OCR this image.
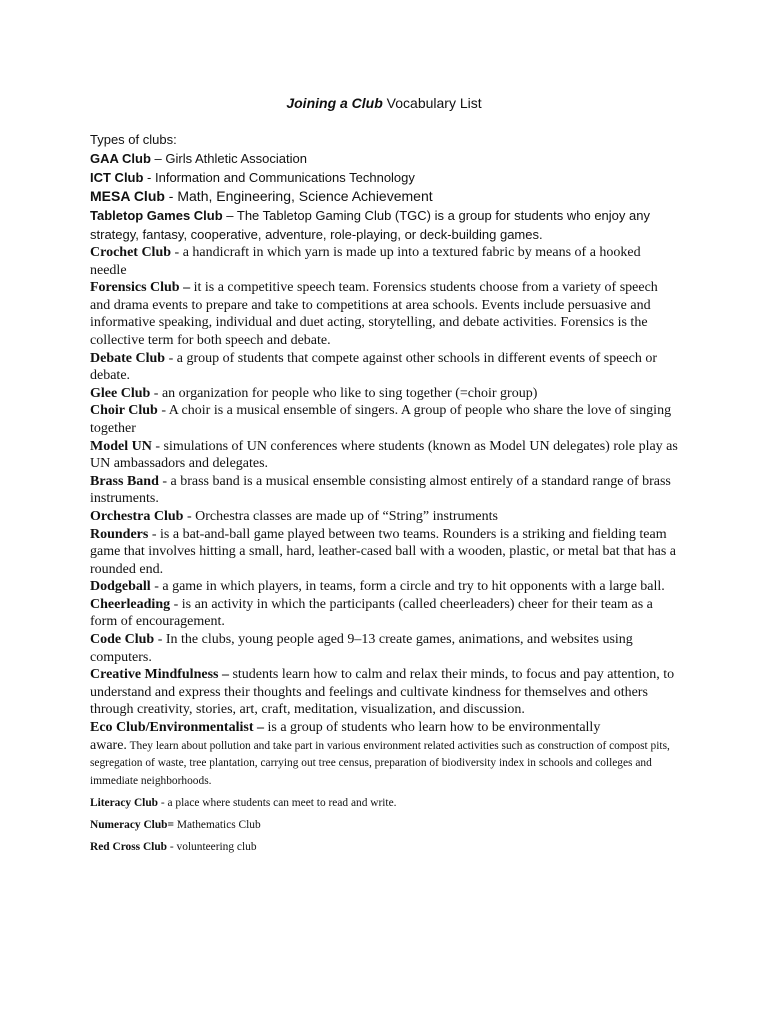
Joining a Club Vocabulary List

Types of clubs:

GAA Club – Girls Athletic Association

ICT Club - Information and Communications Technology

MESA Club - Math, Engineering, Science Achievement

Tabletop Games Club – The Tabletop Gaming Club (TGC) is a group for students who enjoy any strategy, fantasy, cooperative, adventure, role-playing, or deck-building games.

Crochet Club - a handicraft in which yarn is made up into a textured fabric by means of a hooked needle

Forensics Club – it is a competitive speech team. Forensics students choose from a variety of speech and drama events to prepare and take to competitions at area schools. Events include persuasive and informative speaking, individual and duet acting, storytelling, and debate activities. Forensics is the collective term for both speech and debate.

Debate Club - a group of students that compete against other schools in different events of speech or debate.

Glee Club - an organization for people who like to sing together (=choir group)

Choir Club - A choir is a musical ensemble of singers. A group of people who share the love of singing together

Model UN - simulations of UN conferences where students (known as Model UN delegates) role play as UN ambassadors and delegates.

Brass Band - a brass band is a musical ensemble consisting almost entirely of a standard range of brass instruments.

Orchestra Club - Orchestra classes are made up of “String” instruments

Rounders - is a bat-and-ball game played between two teams. Rounders is a striking and fielding team game that involves hitting a small, hard, leather-cased ball with a wooden, plastic, or metal bat that has a rounded end.

Dodgeball - a game in which players, in teams, form a circle and try to hit opponents with a large ball.

Cheerleading - is an activity in which the participants (called cheerleaders) cheer for their team as a form of encouragement.

Code Club - In the clubs, young people aged 9–13 create games, animations, and websites using computers.

Creative Mindfulness – students learn how to calm and relax their minds, to focus and pay attention, to understand and express their thoughts and feelings and cultivate kindness for themselves and others through creativity, stories, art, craft, meditation, visualization, and discussion.

Eco Club/Environmentalist – is a group of students who learn how to be environmentally
aware. They learn about pollution and take part in various environment related activities such as construction of compost pits, segregation of waste, tree plantation, carrying out tree census, preparation of biodiversity index in schools and colleges and immediate neighborhoods.

Literacy Club - a place where students can meet to read and write.

Numeracy Club= Mathematics Club

Red Cross Club - volunteering club
